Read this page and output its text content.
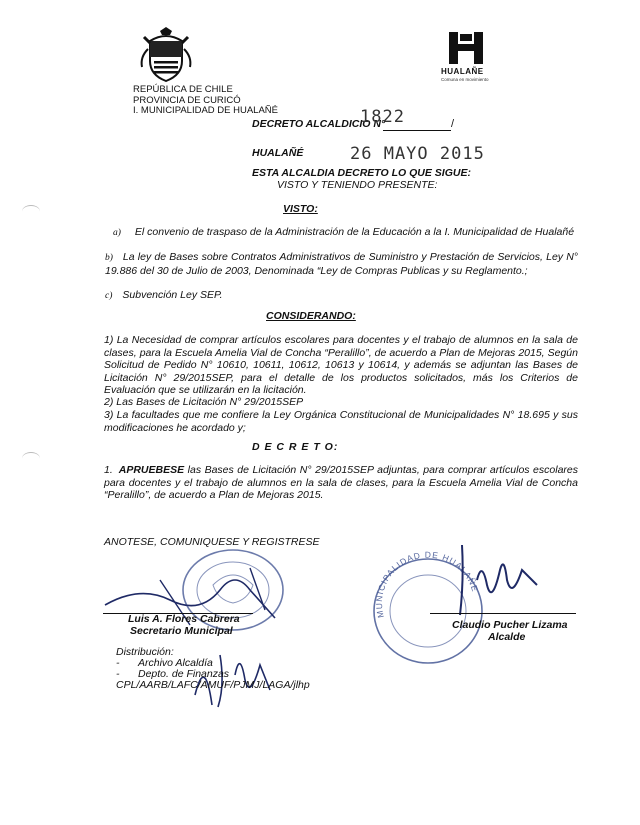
HUALAÑE
Comuna en movimiento
REPÚBLICA DE CHILE
PROVINCIA DE CURICÓ
I. MUNICIPALIDAD DE HUALAÑÉ
DECRETO ALCALDICIO N°	/
1822
HUALAÑÉ	26 MAYO 2015
ESTA ALCALDIA DECRETO LO QUE SIGUE:
VISTO Y TENIENDO PRESENTE:
VISTO:
a) El convenio de traspaso de la Administración de la Educación a la I. Municipalidad de Hualañé
b) La ley de Bases sobre Contratos Administrativos de Suministro y Prestación de Servicios, Ley N° 19.886 del 30 de Julio de 2003, Denominada “Ley de Compras Publicas y su Reglamento.;
c) Subvención Ley SEP.
CONSIDERANDO:
1) La Necesidad de comprar artículos escolares para docentes y el trabajo de alumnos en la sala de clases, para la Escuela Amelia Vial de Concha “Peralillo”, de acuerdo a Plan de Mejoras 2015, Según Solicitud de Pedido N° 10610, 10611, 10612, 10613 y 10614, y además se adjuntan las Bases de Licitación N° 29/2015SEP, para el detalle de los productos solicitados, más los Criterios de Evaluación que se utilizarán en la licitación.
2) Las Bases de Licitación N° 29/2015SEP
3) La facultades que me confiere la Ley Orgánica Constitucional de Municipalidades N° 18.695 y sus modificaciones he acordado y;
D E C R E T O:
1. APRUEBESE las Bases de Licitación N° 29/2015SEP adjuntas, para comprar artículos escolares para docentes y el trabajo de alumnos en la sala de clases, para la Escuela Amelia Vial de Concha “Peralillo”, de acuerdo a Plan de Mejoras 2015.
ANOTESE, COMUNIQUESE Y REGISTRESE
MUNICIPALIDAD DE HUALAÑE
Luis A. Flores Cabrera
Secretario Municipal	Claudio Pucher Lizama
Alcalde
Distribución:
- Archivo Alcaldía
- Depto. de Finanzas
CPL/AARB/LAFC/AMUF/PJMJ/LAGA/jlhp
